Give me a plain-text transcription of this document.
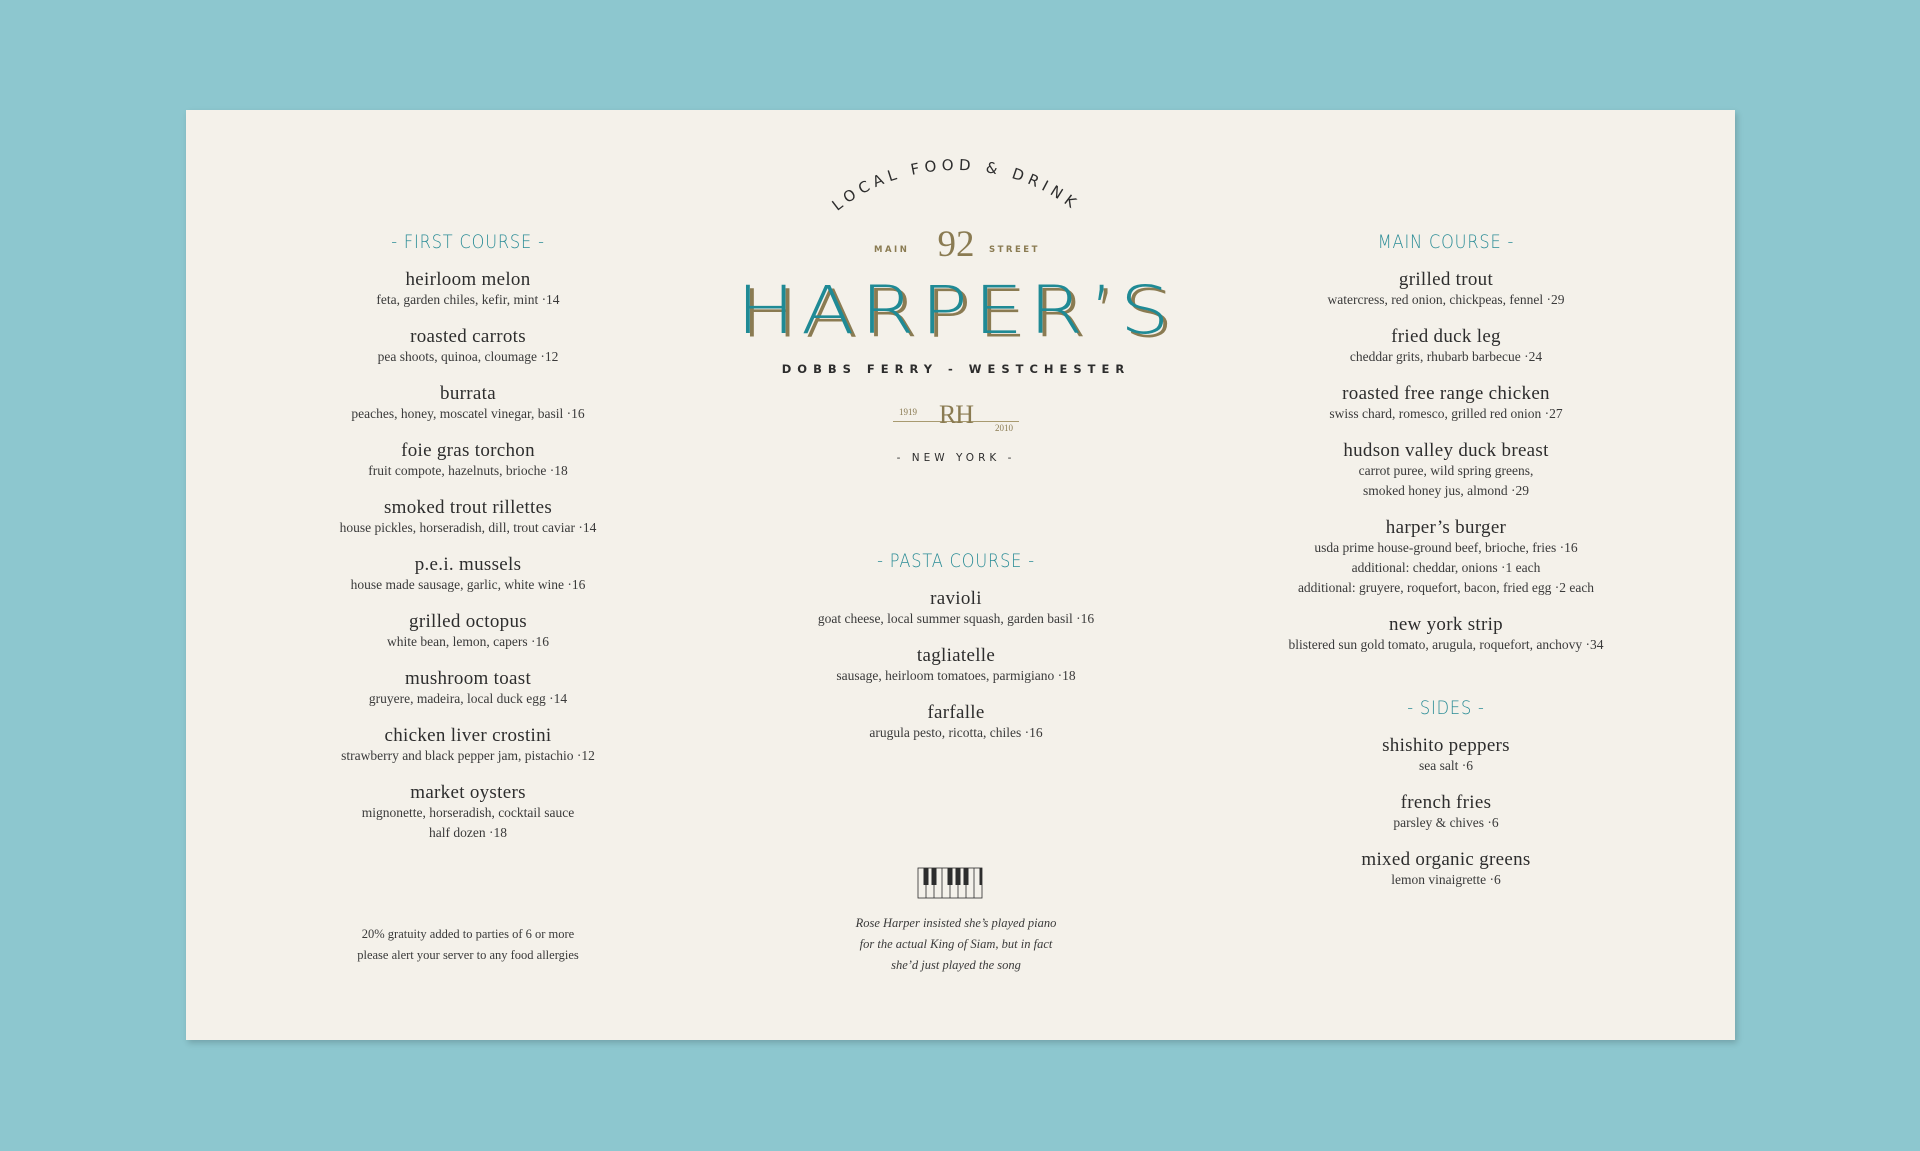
- FIRST COURSE -
heirloom melon
feta, garden chiles, kefir, mint ·14
roasted carrots
pea shoots, quinoa, cloumage ·12
burrata
peaches, honey, moscatel vinegar, basil ·16
foie gras torchon
fruit compote, hazelnuts, brioche ·18
smoked trout rillettes
house pickles, horseradish, dill, trout caviar ·14
p.e.i. mussels
house made sausage, garlic, white wine ·16
grilled octopus
white bean, lemon, capers ·16
mushroom toast
gruyere, madeira, local duck egg ·14
chicken liver crostini
strawberry and black pepper jam, pistachio ·12
market oysters
mignonette, horseradish, cocktail sauce
half dozen ·18
20% gratuity added to parties of 6 or more
please alert your server to any food allergies
LOCAL FOOD & DRINK
MAIN 92	STREET
HARPER’S
DOBBS FERRY - WESTCHESTER
1919 RH	2010
- NEW YORK -
- PASTA COURSE -
ravioli
goat cheese, local summer squash, garden basil ·16
tagliatelle
sausage, heirloom tomatoes, parmigiano ·18
farfalle
arugula pesto, ricotta, chiles ·16
Rose Harper insisted she’s played piano
for the actual King of Siam, but in fact
she’d just played the song
MAIN COURSE -
grilled trout
watercress, red onion, chickpeas, fennel ·29
fried duck leg
cheddar grits, rhubarb barbecue ·24
roasted free range chicken
swiss chard, romesco, grilled red onion ·27
hudson valley duck breast
carrot puree, wild spring greens,
smoked honey jus, almond ·29
harper’s burger
usda prime house-ground beef, brioche, fries ·16
additional: cheddar, onions ·1 each
additional: gruyere, roquefort, bacon, fried egg ·2 each
new york strip
blistered sun gold tomato, arugula, roquefort, anchovy ·34
- SIDES -
shishito peppers
sea salt ·6
french fries
parsley & chives ·6
mixed organic greens
lemon vinaigrette ·6
